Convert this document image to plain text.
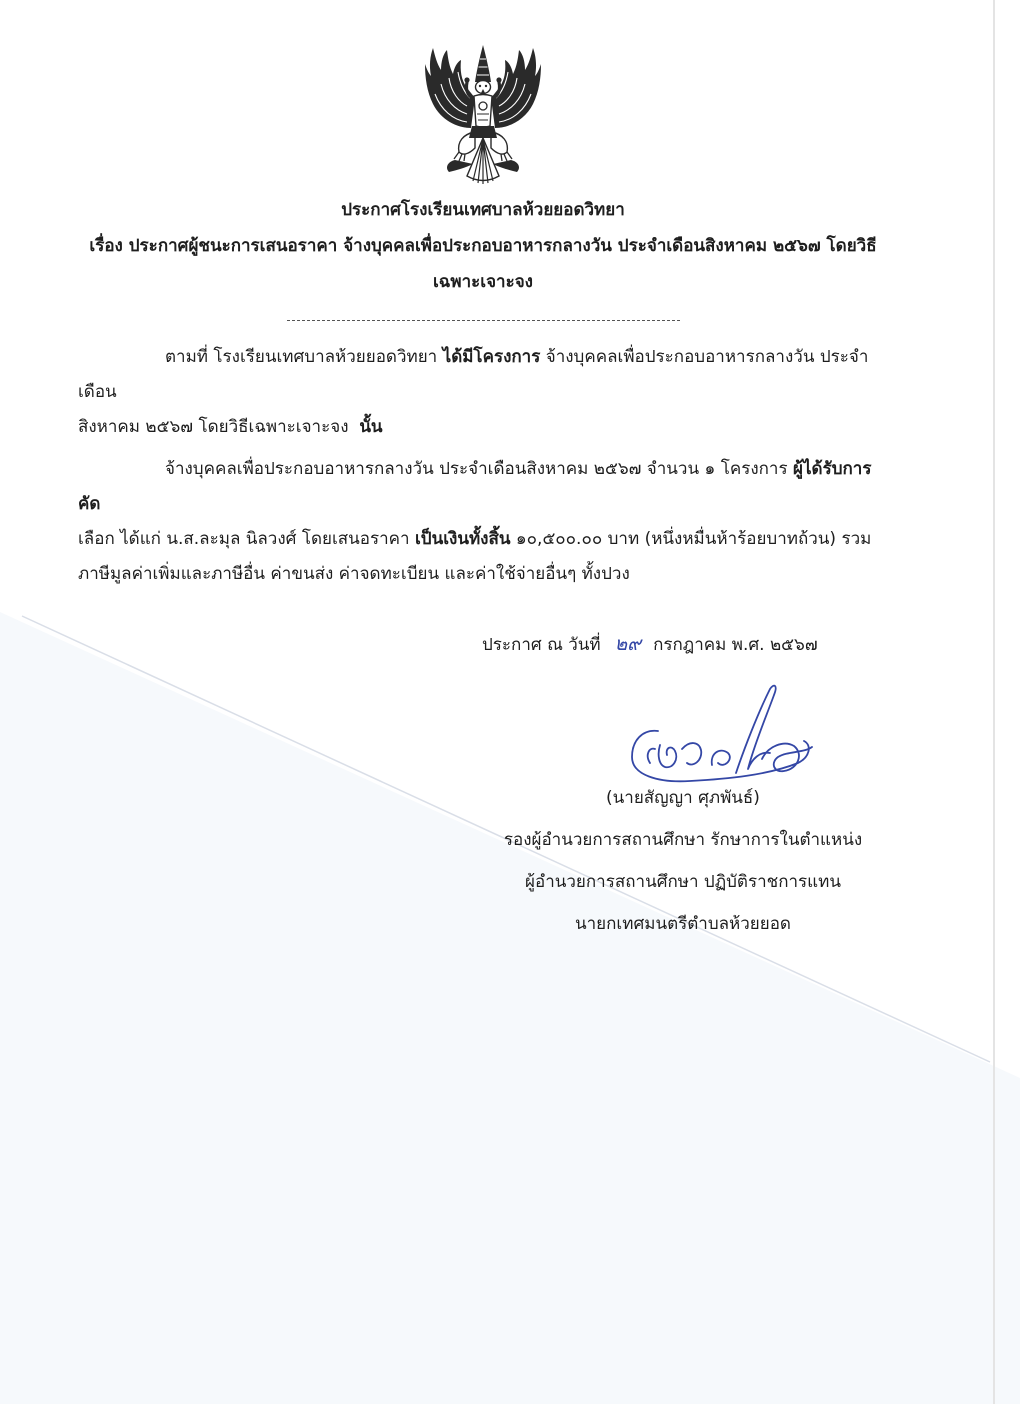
ประกาศโรงเรียนเทศบาลห้วยยอดวิทยา
เรื่อง ประกาศผู้ชนะการเสนอราคา จ้างบุคคลเพื่อประกอบอาหารกลางวัน ประจำเดือนสิงหาคม ๒๕๖๗ โดยวิธี
เฉพาะเจาะจง
ตามที่ โรงเรียนเทศบาลห้วยยอดวิทยา ได้มีโครงการ จ้างบุคคลเพื่อประกอบอาหารกลางวัน ประจำเดือน
สิงหาคม ๒๕๖๗ โดยวิธีเฉพาะเจาะจง  นั้น
จ้างบุคคลเพื่อประกอบอาหารกลางวัน ประจำเดือนสิงหาคม ๒๕๖๗ จำนวน ๑ โครงการ ผู้ได้รับการคัด
เลือก ได้แก่ น.ส.ละมุล นิลวงศ์ โดยเสนอราคา เป็นเงินทั้งสิ้น ๑๐,๕๐๐.๐๐ บาท (หนึ่งหมื่นห้าร้อยบาทถ้วน) รวม
ภาษีมูลค่าเพิ่มและภาษีอื่น ค่าขนส่ง ค่าจดทะเบียน และค่าใช้จ่ายอื่นๆ ทั้งปวง
ประกาศ ณ วันที่ ๒๙ กรกฎาคม พ.ศ. ๒๕๖๗
(นายสัญญา ศุภพันธ์)
รองผู้อำนวยการสถานศึกษา รักษาการในตำแหน่ง
ผู้อำนวยการสถานศึกษา ปฏิบัติราชการแทน
นายกเทศมนตรีตำบลห้วยยอด
